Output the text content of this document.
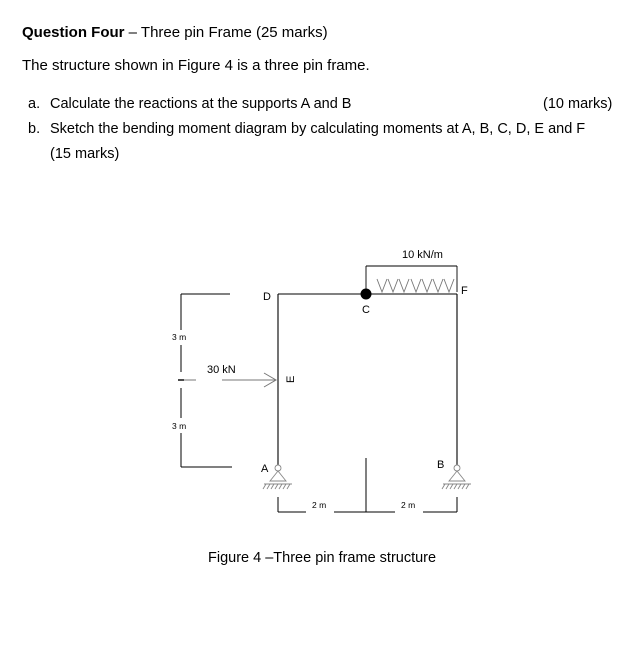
Question Four – Three pin Frame (25 marks)
The structure shown in Figure 4 is a three pin frame.
a. Calculate the reactions at the supports A and B	(10 marks)
b. Sketch the bending moment diagram by calculating moments at A, B, C, D, E and F
(15 marks)
10 kN/m
C
D	F
E
A	B
30 kN
3 m
3 m
2 m	2 m
Figure 4 –Three pin frame structure
